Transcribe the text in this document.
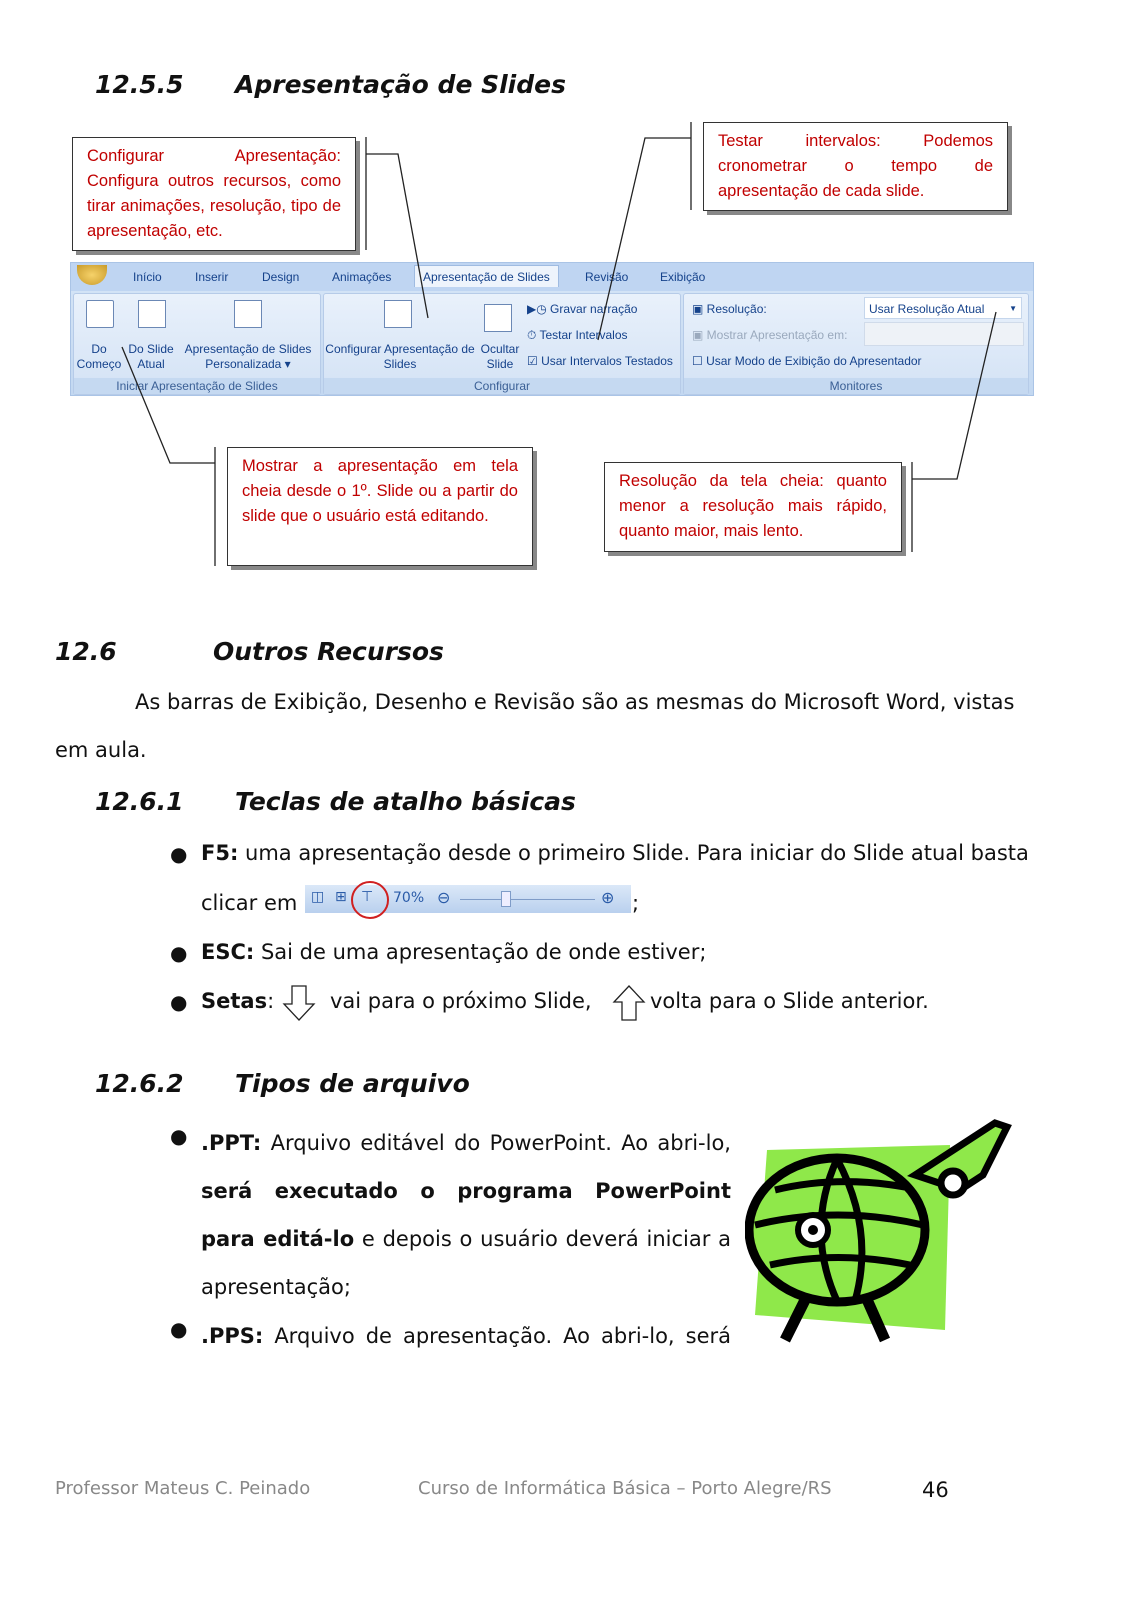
12.5.5 Apresentação de Slides
Configurar Apresentação: Configura outros recursos, como tirar animações, resolução, tipo de apresentação, etc.
Testar intervalos: Podemos cronometrar o tempo de apresentação de cada slide.
Mostrar a apresentação em tela cheia desde o 1º. Slide ou a partir do slide que o usuário está editando.
Resolução da tela cheia: quanto menor a resolução mais rápido, quanto maior, mais lento.
Início	Inserir	Design	Animações	Apresentação de Slides	Revisão	Exibição
Do Começo
Do Slide Atual
Apresentação de Slides Personalizada ▾
Iniciar Apresentação de Slides
Configurar Apresentação de Slides
Ocultar Slide
▶◷ Gravar narração
⏱ Testar Intervalos
☑ Usar Intervalos Testados
Configurar
▣ Resolução:	Usar Resolução Atual	▼
▣ Mostrar Apresentação em:
☐ Usar Modo de Exibição do Apresentador
Monitores
12.6	Outros Recursos
As barras de Exibição, Desenho e Revisão são as mesmas do Microsoft Word, vistas
em aula.
12.6.1 Teclas de atalho básicas
● F5: uma apresentação desde o primeiro Slide. Para iniciar do Slide atual basta
clicar em ◫ ⊞ ⊤ 70% ⊖	⊕ ;
● ESC: Sai de uma apresentação de onde estiver;
● Setas:	vai para o próximo Slide,	volta para o Slide anterior.
12.6.2 Tipos de arquivo
● .PPT: Arquivo editável do PowerPoint. Ao abri-lo, será executado o programa PowerPoint para editá-lo e depois o usuário deverá iniciar a apresentação;
● .PPS: Arquivo de apresentação. Ao abri-lo, será
Professor Mateus C. Peinado	Curso de Informática Básica – Porto Alegre/RS	46
